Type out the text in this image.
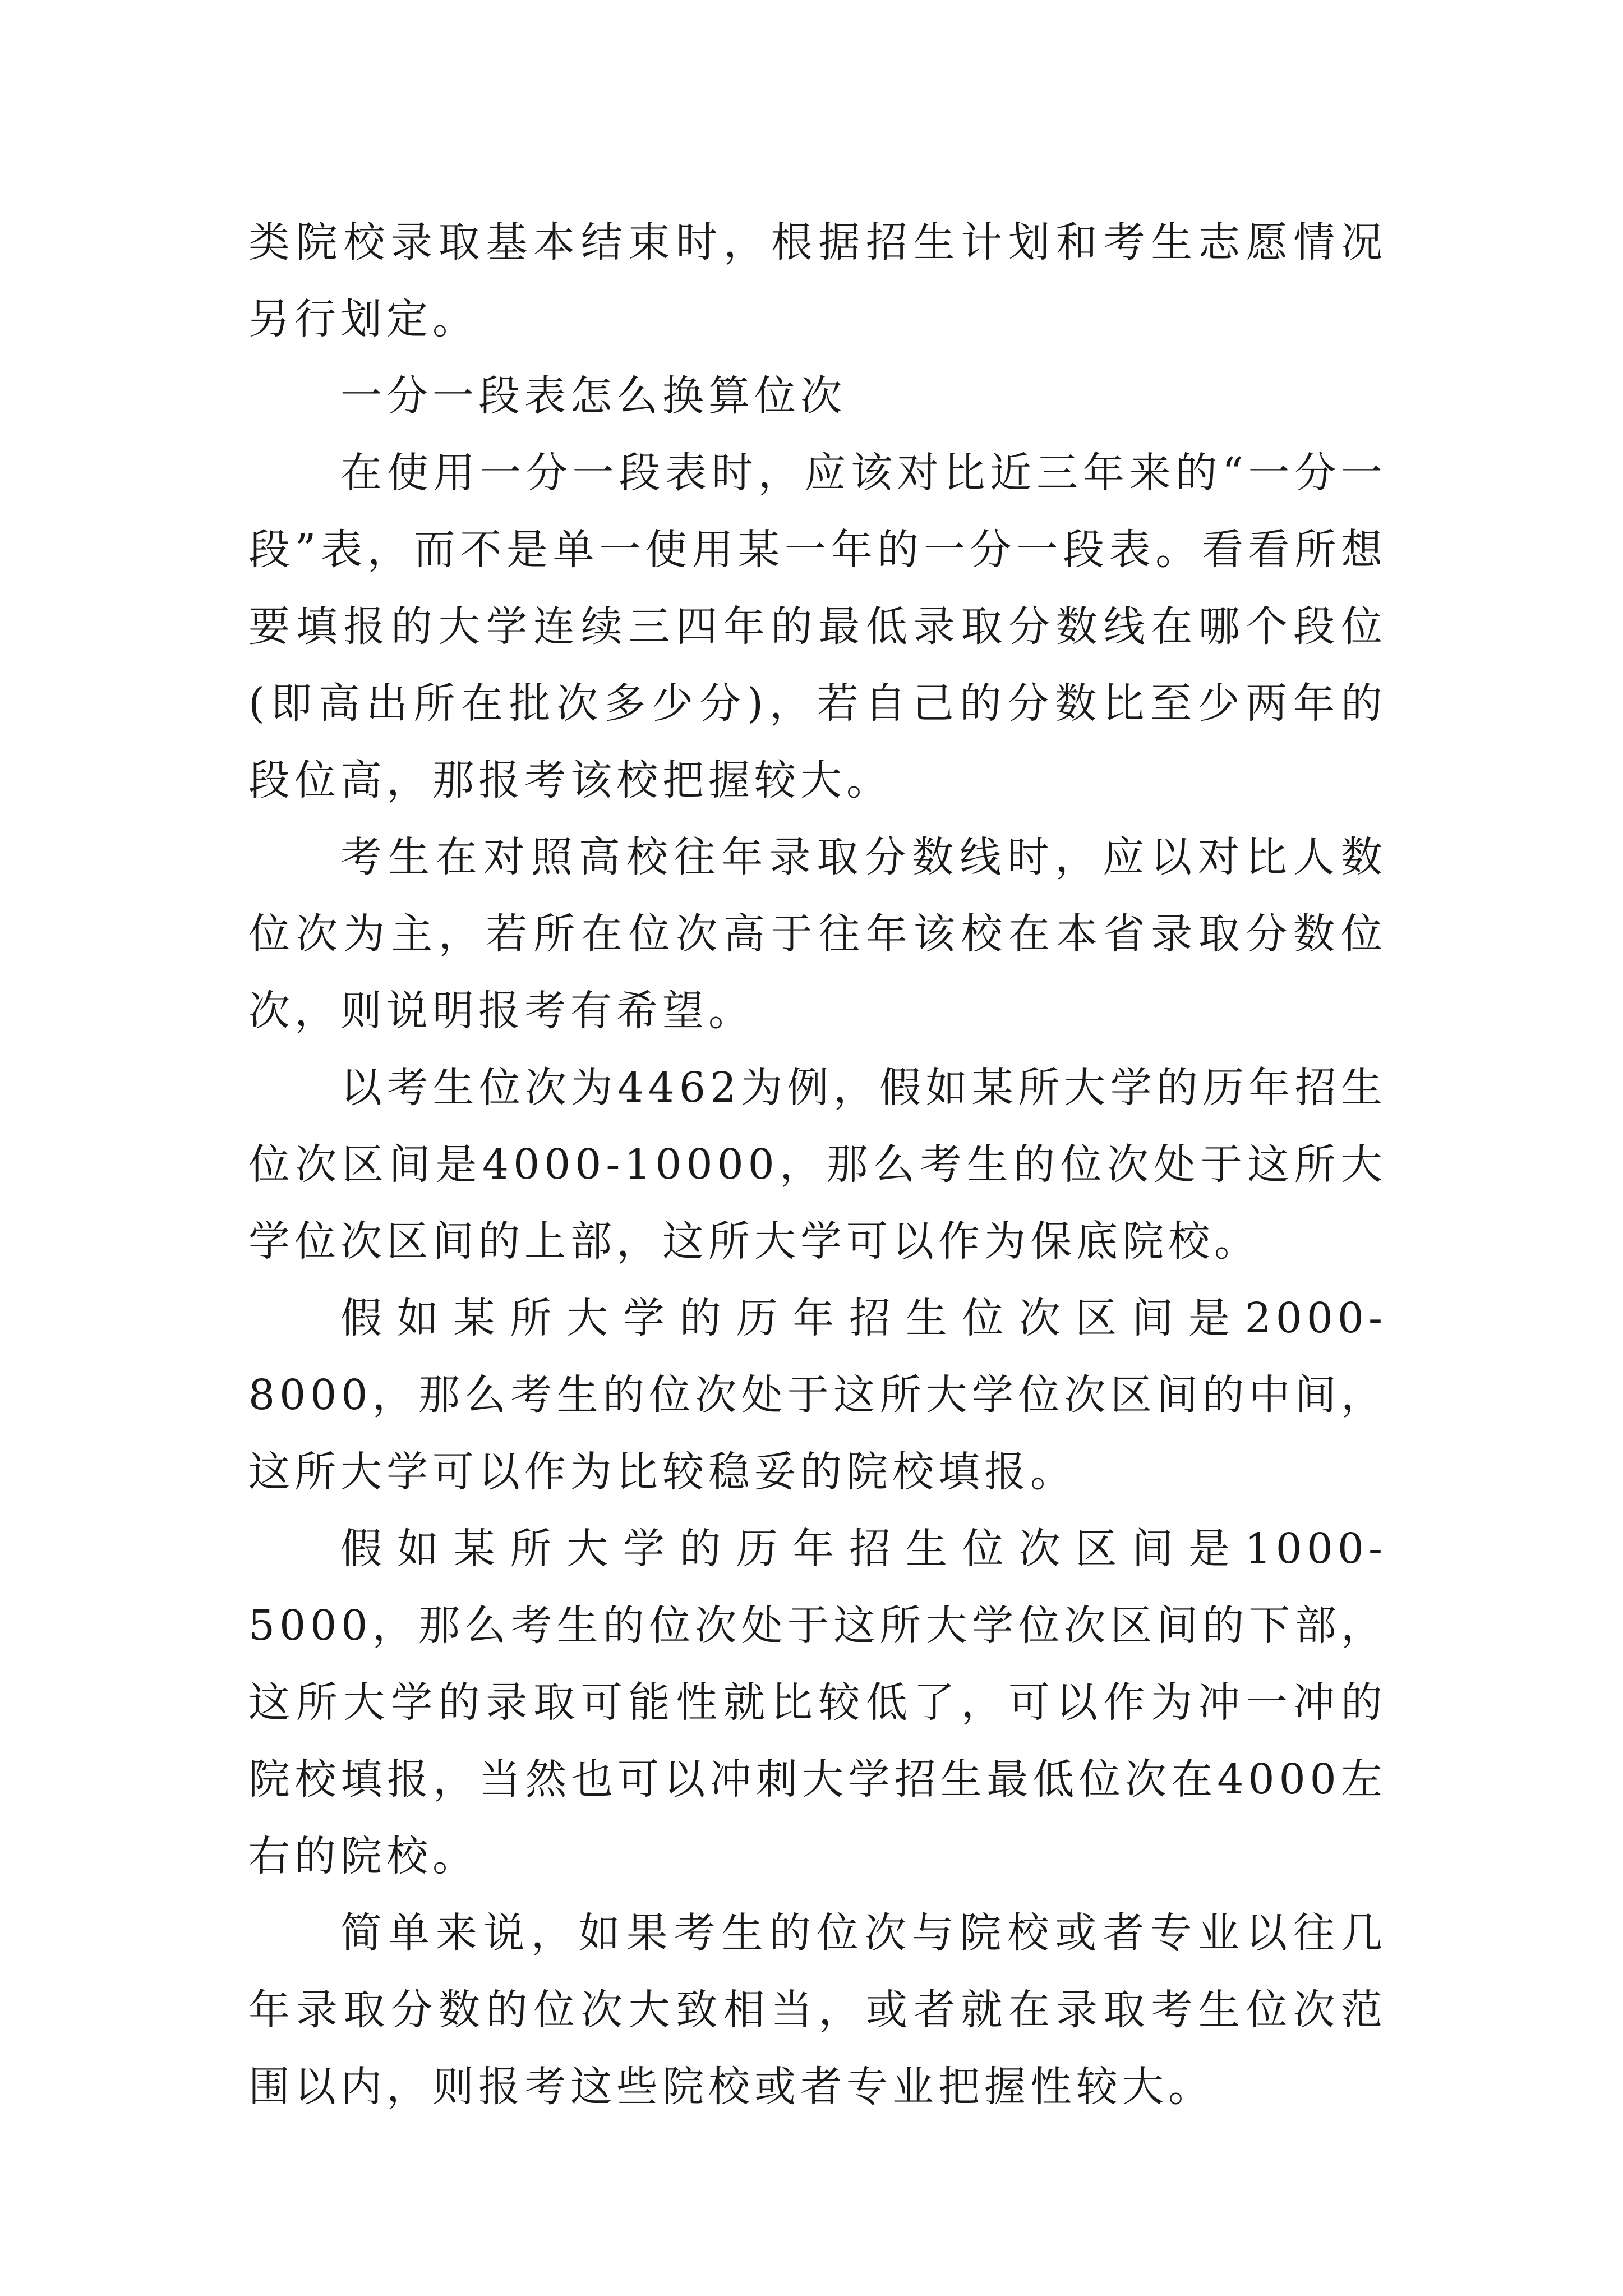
类院校录取基本结束时，根据招生计划和考生志愿情况另行划定。

一分一段表怎么换算位次

在使用一分一段表时，应该对比近三年来的“一分一段”表，而不是单一使用某一年的一分一段表。看看所想要填报的大学连续三四年的最低录取分数线在哪个段位(即高出所在批次多少分)，若自己的分数比至少两年的段位高，那报考该校把握较大。

考生在对照高校往年录取分数线时，应以对比人数位次为主，若所在位次高于往年该校在本省录取分数位次，则说明报考有希望。

以考生位次为4462为例，假如某所大学的历年招生位次区间是4000-10000，那么考生的位次处于这所大学位次区间的上部，这所大学可以作为保底院校。

假如某所大学的历年招生位次区间是2000-8000，那么考生的位次处于这所大学位次区间的中间，这所大学可以作为比较稳妥的院校填报。

假如某所大学的历年招生位次区间是1000-5000，那么考生的位次处于这所大学位次区间的下部，这所大学的录取可能性就比较低了，可以作为冲一冲的院校填报，当然也可以冲刺大学招生最低位次在4000左右的院校。

简单来说，如果考生的位次与院校或者专业以往几年录取分数的位次大致相当，或者就在录取考生位次范围以内，则报考这些院校或者专业把握性较大。
